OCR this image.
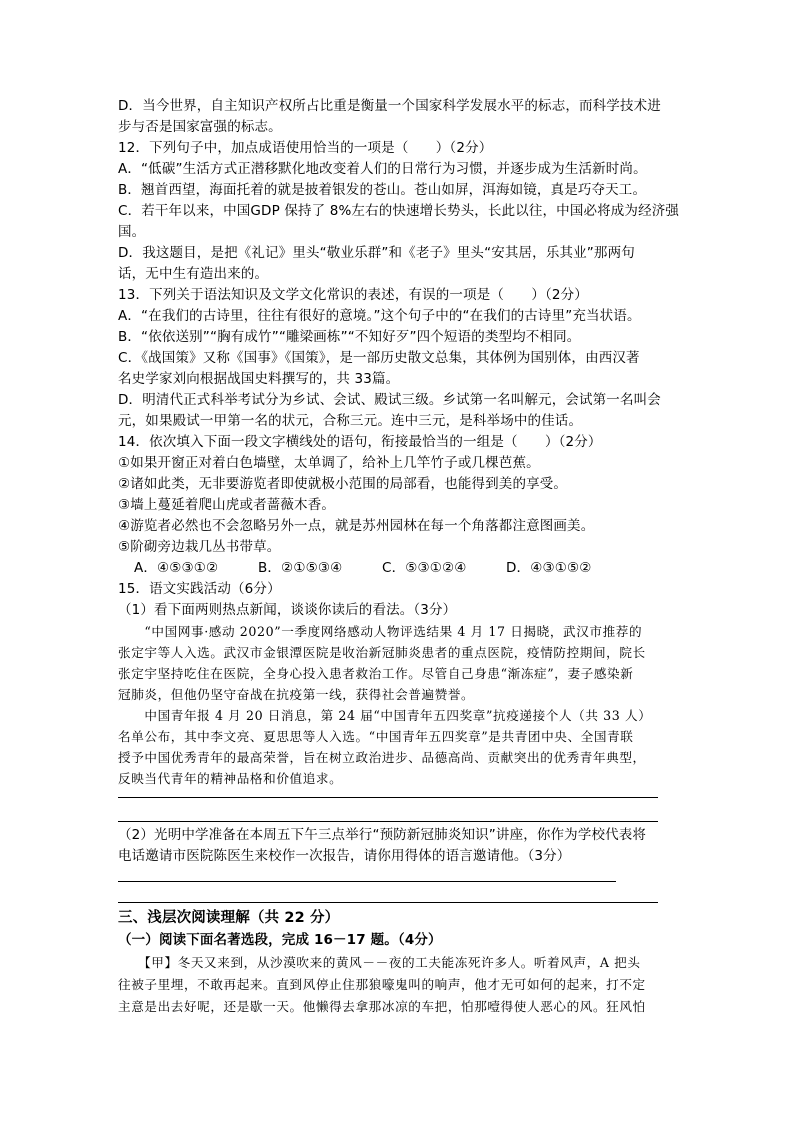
D．当今世界，自主知识产权所占比重是衡量一个国家科学发展水平的标志，而科学技术进
步与否是国家富强的标志。
12．下列句子中，加点成语使用恰当的一项是（　　）（2分）
A．“低碳”生活方式正潜移默化地改变着人们的日常行为习惯，并逐步成为生活新时尚。
B．翘首西望，海面托着的就是披着银发的苍山。苍山如屏，洱海如镜，真是巧夺天工。
C．若干年以来，中国GDP 保持了 8%左右的快速增长势头，长此以往，中国必将成为经济强
国。
D．我这题目，是把《礼记》里头“敬业乐群”和《老子》里头“安其居，乐其业”那两句
话，无中生有造出来的。
13．下列关于语法知识及文学文化常识的表述，有误的一项是（　　）（2分）
A．“在我们的古诗里，往往有很好的意境。”这个句子中的“在我们的古诗里”充当状语。
B．“依依送别”“胸有成竹”“雕梁画栋”“不知好歹”四个短语的类型均不相同。
C．《战国策》又称《国事》《国策》，是一部历史散文总集，其体例为国别体，由西汉著
名史学家刘向根据战国史料撰写的，共 33篇。
D．明清代正式科举考试分为乡试、会试、殿试三级。乡试第一名叫解元，会试第一名叫会
元，如果殿试一甲第一名的状元，合称三元。连中三元，是科举场中的佳话。
14．依次填入下面一段文字横线处的语句，衔接最恰当的一组是（　　）（2分）
①如果开窗正对着白色墙壁，太单调了，给补上几竿竹子或几棵芭蕉。
②诸如此类，无非要游览者即使就极小范围的局部看，也能得到美的享受。
③墙上蔓延着爬山虎或者蔷薇木香。
④游览者必然也不会忽略另外一点，就是苏州园林在每一个角落都注意图画美。
⑤阶砌旁边栽几丛书带草。
A．④⑤③①②	B．②①⑤③④	C．⑤③①②④	D．④③①⑤②
15．语文实践活动（6分）
（1）看下面两则热点新闻，谈谈你读后的看法。（3分）
　　“中国网事·感动 2020”一季度网络感动人物评选结果 4 月 17 日揭晓，武汉市推荐的
张定宇等人入选。武汉市金银潭医院是收治新冠肺炎患者的重点医院，疫情防控期间，院长
张定宇坚持吃住在医院，全身心投入患者救治工作。尽管自己身患“渐冻症”，妻子感染新
冠肺炎，但他仍坚守奋战在抗疫第一线，获得社会普遍赞誉。
　　中国青年报 4 月 20 日消息，第 24 届“中国青年五四奖章”抗疫递接个人（共 33 人）
名单公布，其中李文亮、夏思思等人入选。“中国青年五四奖章”是共青团中央、全国青联
授予中国优秀青年的最高荣誉，旨在树立政治进步、品德高尚、贡献突出的优秀青年典型，
反映当代青年的精神品格和价值追求。
（2）光明中学准备在本周五下午三点举行“预防新冠肺炎知识”讲座，你作为学校代表将
电话邀请市医院陈医生来校作一次报告，请你用得体的语言邀请他。（3分）
三、浅层次阅读理解（共 22 分）
（一）阅读下面名著选段，完成 16－17 题。（4分）
　　【甲】冬天又来到，从沙漠吹来的黄风－－夜的工夫能冻死许多人。听着风声，A 把头
往被子里埋，不敢再起来。直到风停止住那狼嚎鬼叫的响声，他才无可如何的起来，打不定
主意是出去好呢，还是歇一天。他懒得去拿那冰凉的车把，怕那噎得使人恶心的风。狂风怕
